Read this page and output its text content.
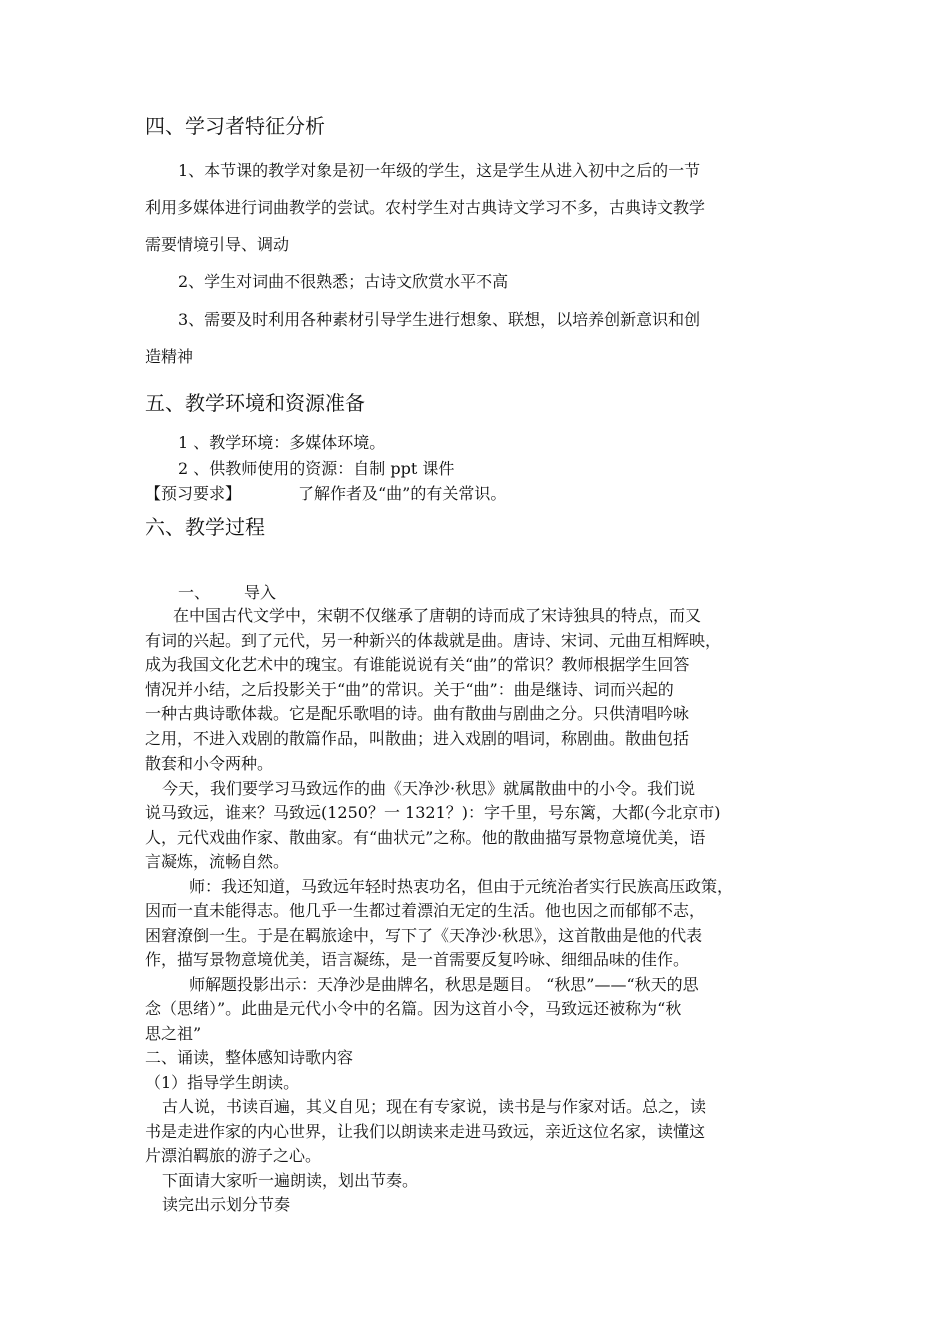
四、学习者特征分析
1、本节课的教学对象是初一年级的学生，这是学生从进入初中之后的一节
利用多媒体进行词曲教学的尝试。农村学生对古典诗文学习不多，古典诗文教学
需要情境引导、调动
2、学生对词曲不很熟悉；古诗文欣赏水平不高
3、需要及时利用各种素材引导学生进行想象、联想，以培养创新意识和创
造精神
五、教学环境和资源准备
1 、教学环境：多媒体环境。
2 、供教师使用的资源：自制 ppt 课件
【预习要求】	了解作者及“曲”的有关常识。
六、教学过程
一、 导入
在中国古代文学中，宋朝不仅继承了唐朝的诗而成了宋诗独具的特点，而又
有词的兴起。到了元代，另一种新兴的体裁就是曲。唐诗、宋词、元曲互相辉映，
成为我国文化艺术中的瑰宝。有谁能说说有关“曲”的常识？教师根据学生回答
情况并小结，之后投影关于“曲”的常识。关于“曲”：曲是继诗、词而兴起的
一种古典诗歌体裁。它是配乐歌唱的诗。曲有散曲与剧曲之分。只供清唱吟咏
之用，不进入戏剧的散篇作品，叫散曲；进入戏剧的唱词，称剧曲。散曲包括
散套和小令两种。
今天，我们要学习马致远作的曲《天净沙·秋思》就属散曲中的小令。我们说
说马致远，谁来？马致远(1250？一 1321？)：字千里，号东篱，大都(今北京市)
人，元代戏曲作家、散曲家。有“曲状元”之称。他的散曲描写景物意境优美，语
言凝炼，流畅自然。
师：我还知道，马致远年轻时热衷功名，但由于元统治者实行民族高压政策，
因而一直未能得志。他几乎一生都过着漂泊无定的生活。他也因之而郁郁不志，
困窘潦倒一生。于是在羁旅途中，写下了《天净沙·秋思》，这首散曲是他的代表
作，描写景物意境优美，语言凝练，是一首需要反复吟咏、细细品味的佳作。
师解题投影出示：天净沙是曲牌名，秋思是题目。 “秋思”——“秋天的思
念（思绪）”。此曲是元代小令中的名篇。因为这首小令，马致远还被称为“秋
思之祖”
二、诵读，整体感知诗歌内容
（1）指导学生朗读。
古人说，书读百遍，其义自见；现在有专家说，读书是与作家对话。总之，读
书是走进作家的内心世界，让我们以朗读来走进马致远，亲近这位名家，读懂这
片漂泊羁旅的游子之心。
下面请大家听一遍朗读，划出节奏。
读完出示划分节奏
